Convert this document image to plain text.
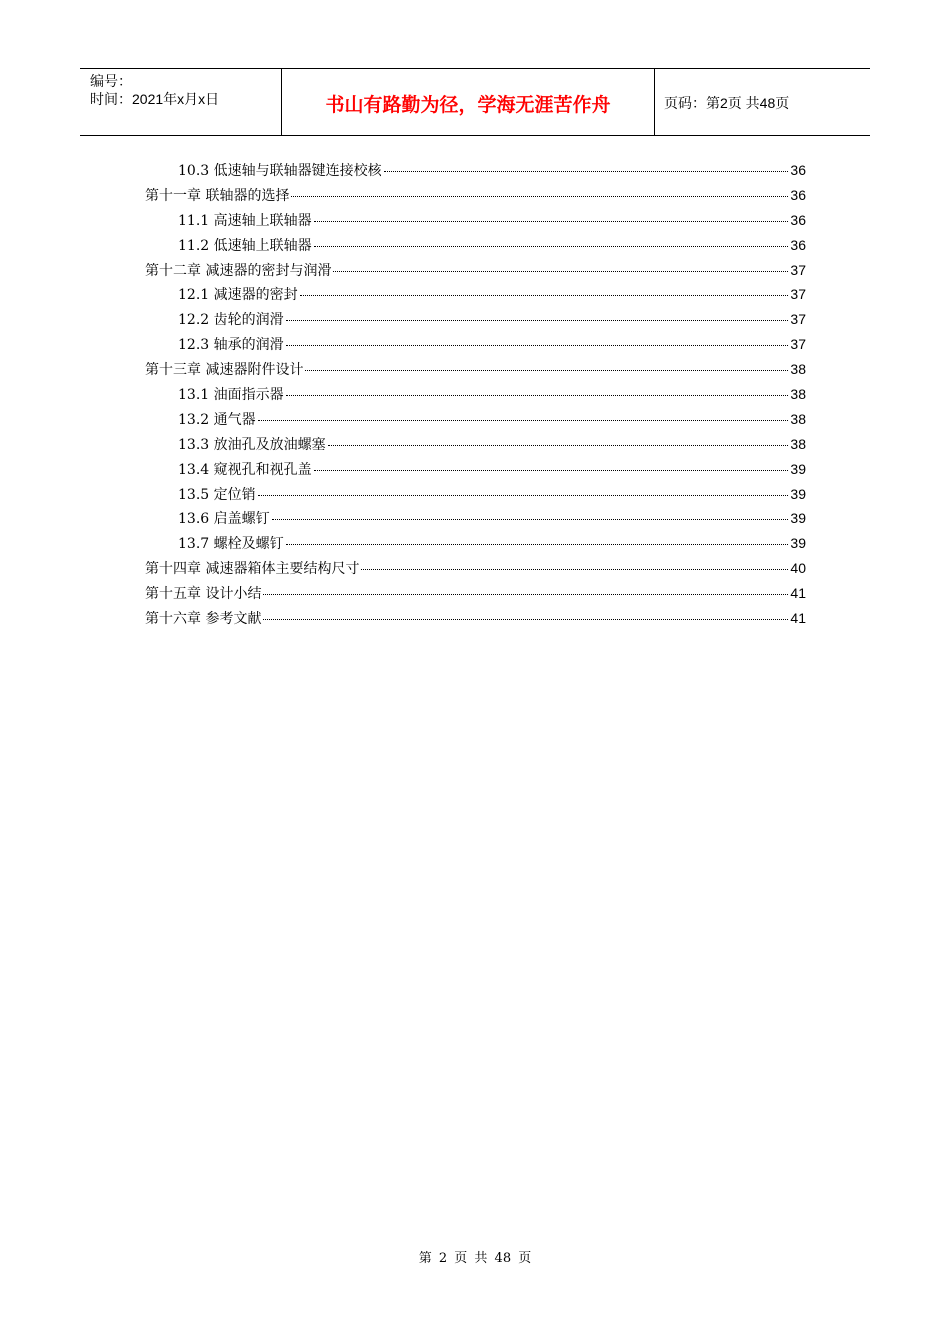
编号：
时间：2021年x月x日	书山有路勤为径，学海无涯苦作舟	页码：第2页 共48页
10.3 低速轴与联轴器键连接校核	36
第十一章 联轴器的选择	36
11.1 高速轴上联轴器	36
11.2 低速轴上联轴器	36
第十二章 减速器的密封与润滑	37
12.1 减速器的密封	37
12.2 齿轮的润滑	37
12.3 轴承的润滑	37
第十三章 减速器附件设计	38
13.1 油面指示器	38
13.2 通气器	38
13.3 放油孔及放油螺塞	38
13.4 窥视孔和视孔盖	39
13.5 定位销	39
13.6 启盖螺钉	39
13.7 螺栓及螺钉	39
第十四章 减速器箱体主要结构尺寸	40
第十五章 设计小结	41
第十六章 参考文献	41
第 2 页 共 48 页
